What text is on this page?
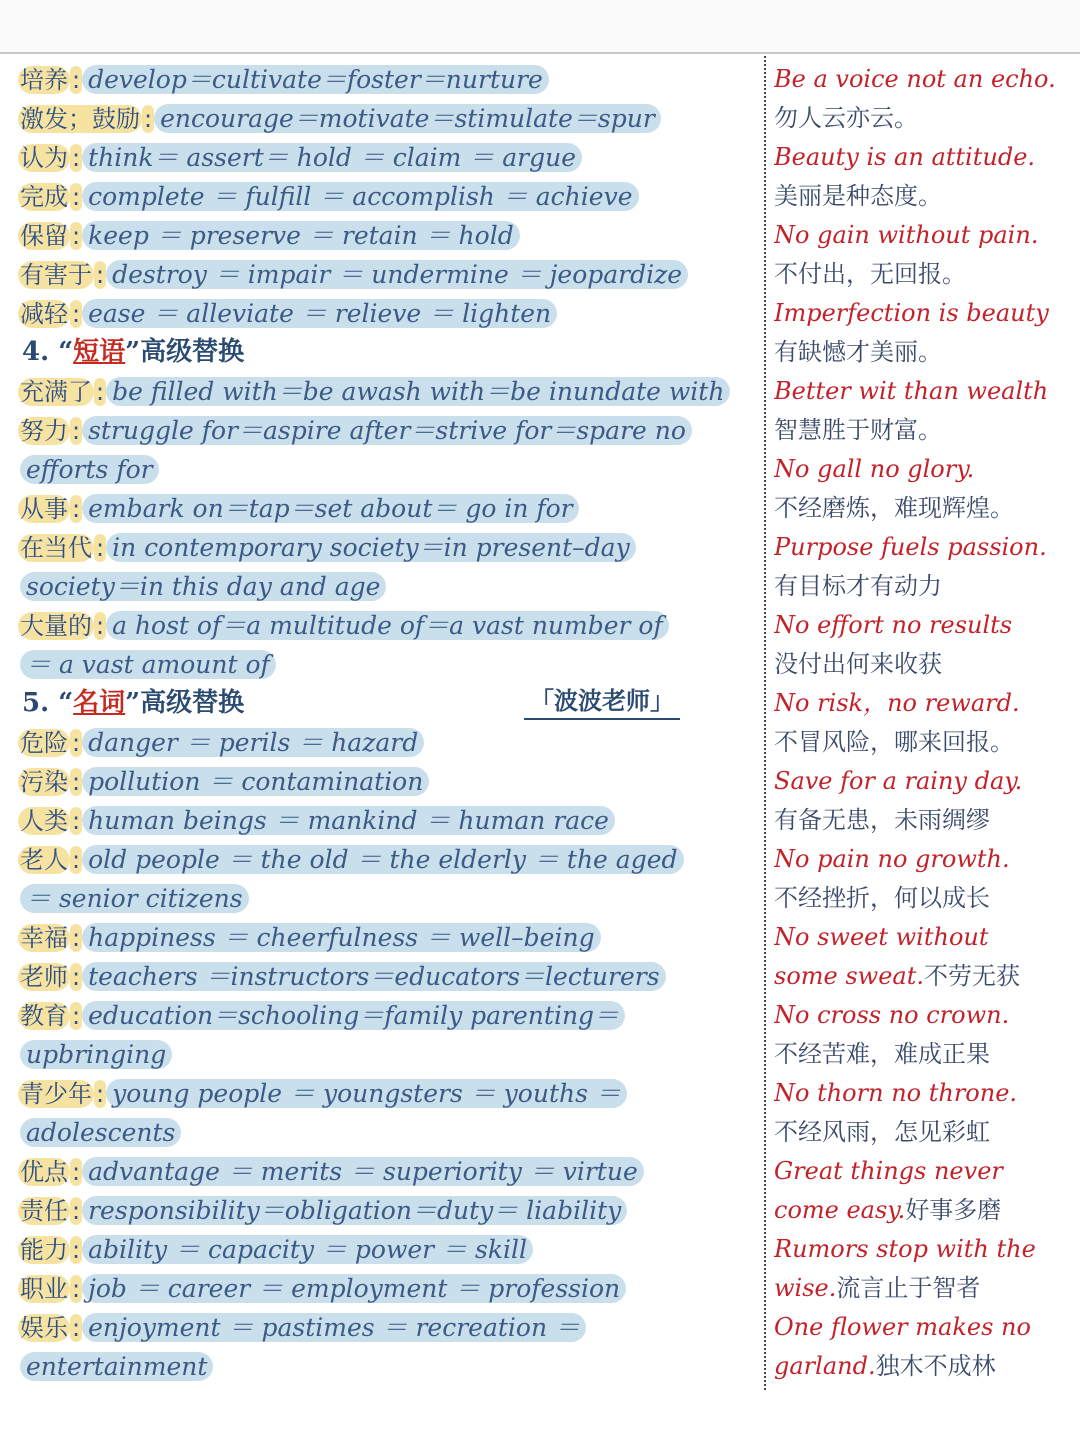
培养 : develop＝cultivate＝foster＝nurture
激发；鼓励 : encourage＝motivate＝stimulate＝spur
认为 : think＝ assert＝ hold ＝ claim ＝ argue
完成 : complete ＝ fulfill ＝ accomplish ＝ achieve
保留 : keep ＝ preserve ＝ retain ＝ hold
有害于 : destroy ＝ impair ＝ undermine ＝ jeopardize
减轻 : ease ＝ alleviate ＝ relieve ＝ lighten
4. “短语”高级替换
充满了 : be filled with＝be awash with＝be inundate with
努力 : struggle for＝aspire after＝strive for＝spare no
efforts for
从事 : embark on＝tap＝set about＝ go in for
在当代 : in contemporary society＝in present–day
society＝in this day and age
大量的 : a host of＝a multitude of＝a vast number of
＝ a vast amount of
5. “名词”高级替换	「波波老师」
危险 : danger ＝ perils ＝ hazard
污染 : pollution ＝ contamination
人类 : human beings ＝ mankind ＝ human race
老人 : old people ＝ the old ＝ the elderly ＝ the aged
＝ senior citizens
幸福 : happiness ＝ cheerfulness ＝ well–being
老师 : teachers ＝instructors＝educators＝lecturers
教育 : education＝schooling＝family parenting＝
upbringing
青少年 : young people ＝ youngsters ＝ youths ＝
adolescents
优点 : advantage ＝ merits ＝ superiority ＝ virtue
责任 : responsibility＝obligation＝duty＝ liability
能力 : ability ＝ capacity ＝ power ＝ skill
职业 : job ＝ career ＝ employment ＝ profession
娱乐 : enjoyment ＝ pastimes ＝ recreation ＝
entertainment
Be a voice not an echo.
勿人云亦云。
Beauty is an attitude.
美丽是种态度。
No gain without pain.
不付出，无回报。
Imperfection is beauty
有缺憾才美丽。
Better wit than wealth
智慧胜于财富。
No gall no glory.
不经磨炼，难现辉煌。
Purpose fuels passion.
有目标才有动力
No effort no results
没付出何来收获
No risk，no reward.
不冒风险，哪来回报。
Save for a rainy day.
有备无患，未雨绸缪
No pain no growth.
不经挫折，何以成长
No sweet without
some sweat.不劳无获
No cross no crown.
不经苦难，难成正果
No thorn no throne.
不经风雨，怎见彩虹
Great things never
come easy.好事多磨
Rumors stop with the
wise.流言止于智者
One flower makes no
garland.独木不成林
